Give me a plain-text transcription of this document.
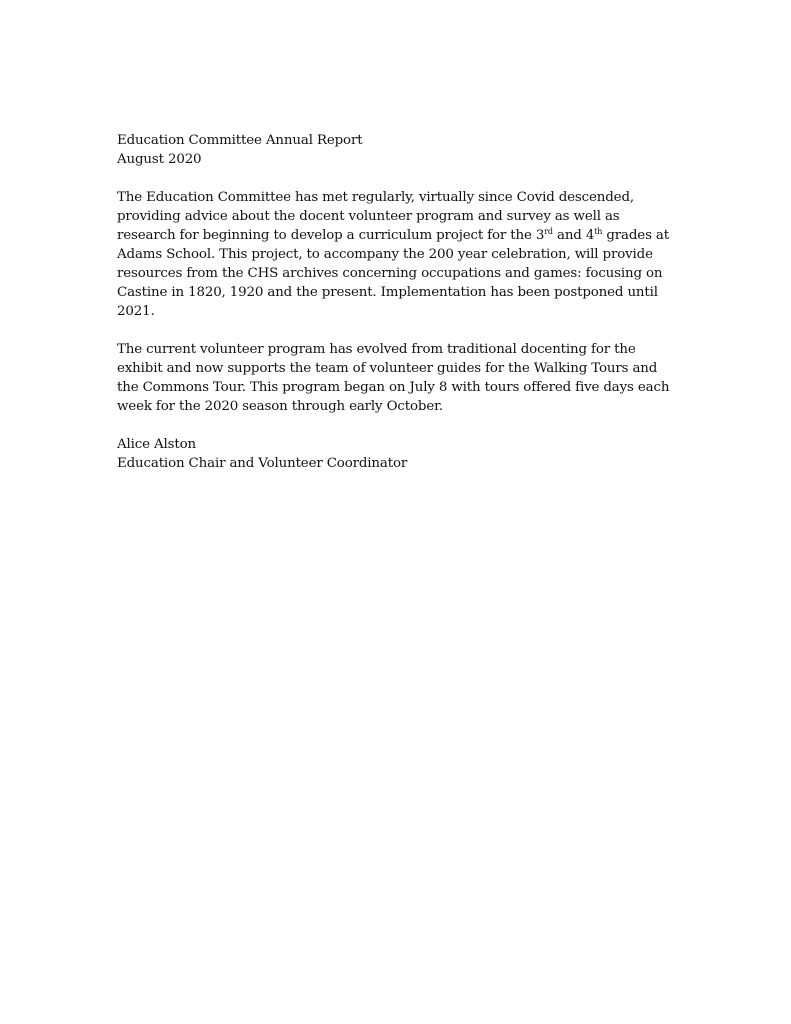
Education Committee Annual Report
August 2020

The Education Committee has met regularly, virtually since Covid descended,
providing advice about the docent volunteer program and survey as well as
research for beginning to develop a curriculum project for the 3rd and 4th grades at
Adams School. This project, to accompany the 200 year celebration, will provide
resources from the CHS archives concerning occupations and games: focusing on
Castine in 1820, 1920 and the present. Implementation has been postponed until
2021.

The current volunteer program has evolved from traditional docenting for the
exhibit and now supports the team of volunteer guides for the Walking Tours and
the Commons Tour. This program began on July 8 with tours offered five days each
week for the 2020 season through early October.

Alice Alston
Education Chair and Volunteer Coordinator
